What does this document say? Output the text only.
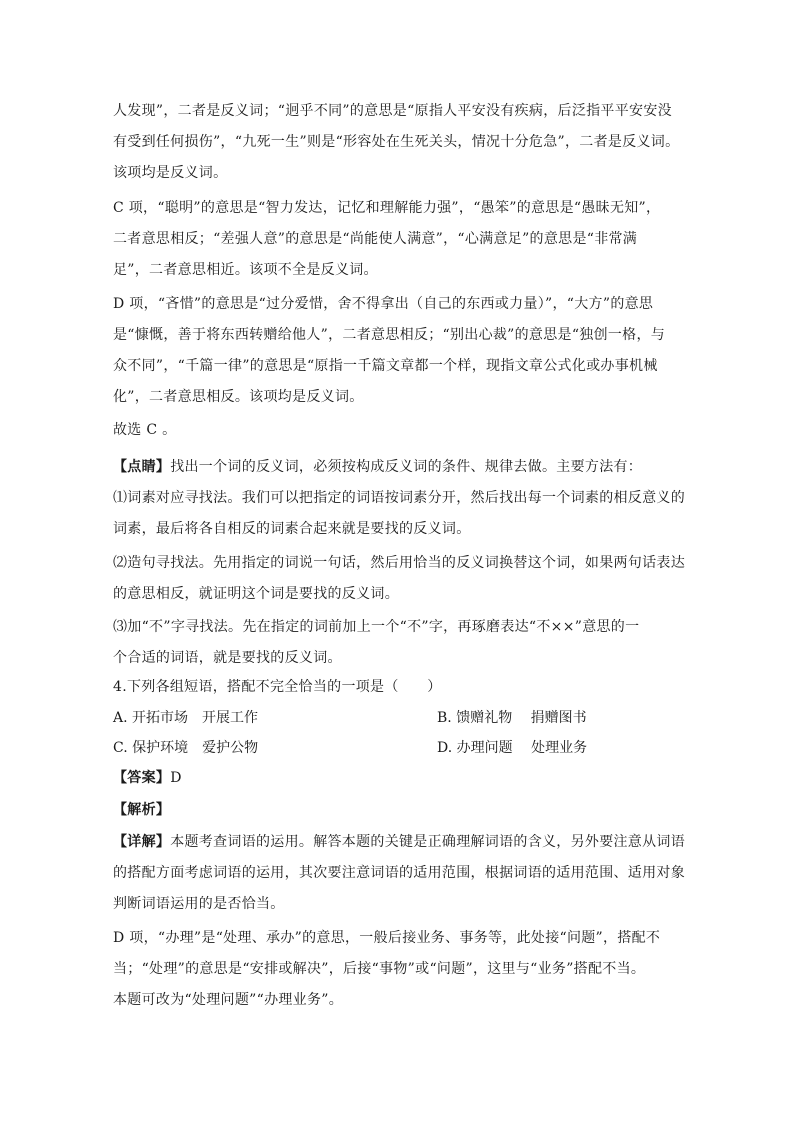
人发现”，二者是反义词；“迥乎不同”的意思是“原指人平安没有疾病，后泛指平平安安没
有受到任何损伤”，“九死一生”则是“形容处在生死关头，情况十分危急”，二者是反义词。
该项均是反义词。
C 项，“聪明”的意思是“智力发达，记忆和理解能力强”，“愚笨”的意思是“愚昧无知”，
二者意思相反；“差强人意”的意思是“尚能使人满意”，“心满意足”的意思是“非常满
足”，二者意思相近。该项不全是反义词。
D 项，“吝惜”的意思是“过分爱惜，舍不得拿出（自己的东西或力量）”，“大方”的意思
是“慷慨，善于将东西转赠给他人”，二者意思相反；“别出心裁”的意思是“独创一格，与
众不同”，“千篇一律”的意思是“原指一千篇文章都一个样，现指文章公式化或办事机械
化”，二者意思相反。该项均是反义词。
故选 C 。
【点睛】找出一个词的反义词，必须按构成反义词的条件、规律去做。主要方法有：
⑴词素对应寻找法。我们可以把指定的词语按词素分开，然后找出每一个词素的相反意义的
词素，最后将各自相反的词素合起来就是要找的反义词。
⑵造句寻找法。先用指定的词说一句话，然后用恰当的反义词换替这个词，如果两句话表达
的意思相反，就证明这个词是要找的反义词。
⑶加“不”字寻找法。先在指定的词前加上一个“不”字，再琢磨表达“不××”意思的一
个合适的词语，就是要找的反义词。
4.下列各组短语，搭配不完全恰当的一项是（　　）
A. 开拓市场　开展工作	B. 馈赠礼物　 捐赠图书
C. 保护环境　爱护公物	D. 办理问题　 处理业务
【答案】D
【解析】
【详解】本题考查词语的运用。解答本题的关键是正确理解词语的含义，另外要注意从词语
的搭配方面考虑词语的运用，其次要注意词语的适用范围，根据词语的适用范围、适用对象
判断词语运用的是否恰当。
D 项，“办理”是“处理、承办”的意思，一般后接业务、事务等，此处接“问题”，搭配不
当；“处理”的意思是“安排或解决”，后接“事物”或“问题”，这里与“业务”搭配不当。
本题可改为“处理问题”“办理业务”。
